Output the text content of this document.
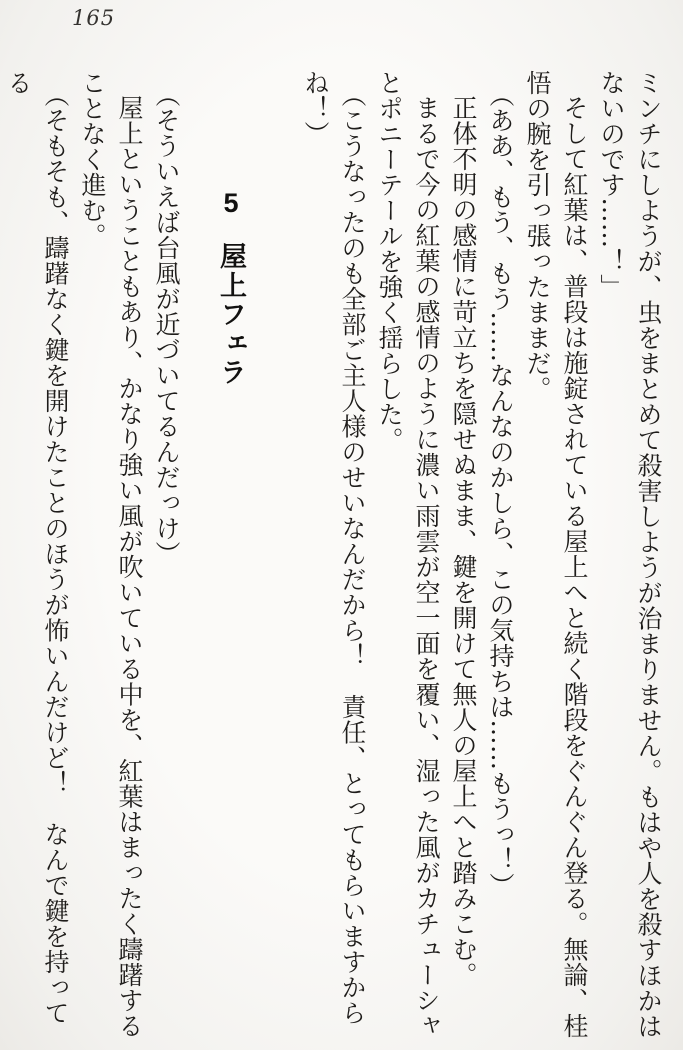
165

ミンチにしようが、虫をまとめて殺害しようが治まりません。もはや人を殺すほかはないのです……！」

そして紅葉は、普段は施錠されている屋上へと続く階段をぐんぐん登る。無論、桂悟の腕を引っ張ったままだ。

（ああ、もう、もう……なんなのかしら、この気持ちは……もうっ！）

正体不明の感情に苛立ちを隠せぬまま、鍵を開けて無人の屋上へと踏みこむ。

まるで今の紅葉の感情のように濃い雨雲が空一面を覆い、湿った風がカチューシャとポニーテールを強く揺らした。

（こうなったのも全部ご主人様のせいなんだから！　責任、とってもらいますからね！）

5屋上フェラ

（そういえば台風が近づいてるんだっけ）

屋上ということもあり、かなり強い風が吹いている中を、紅葉はまったく躊躇することなく進む。

（そもそも、躊躇なく鍵を開けたことのほうが怖いんだけど！　なんで鍵を持ってる
